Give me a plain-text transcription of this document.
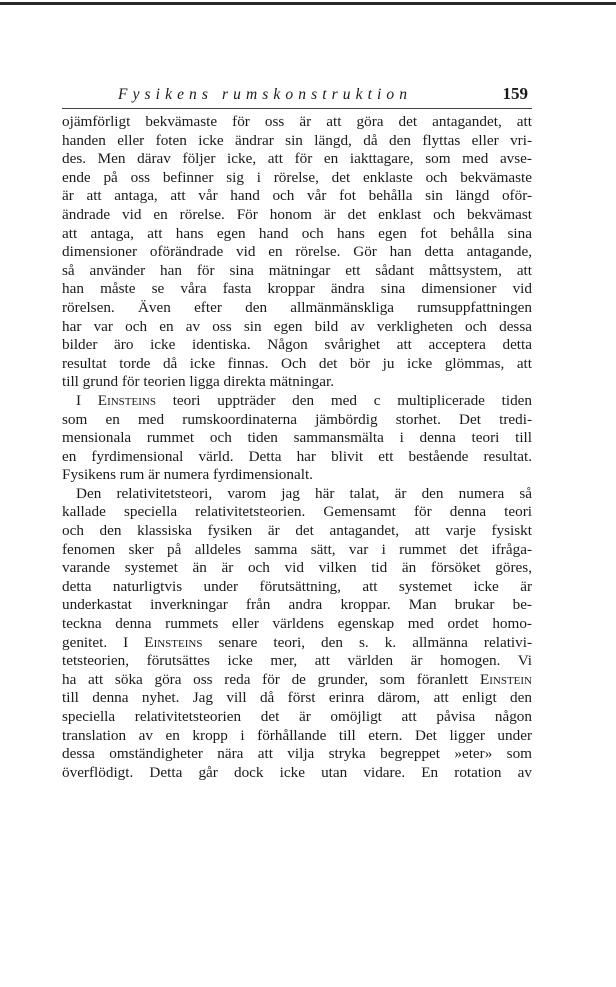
Fysikens rumskonstruktion	159
ojämförligt bekvämaste för oss är att göra det antagandet, att
handen eller foten icke ändrar sin längd, då den flyttas eller vri-
des. Men därav följer icke, att för en iakttagare, som med avse-
ende på oss befinner sig i rörelse, det enklaste och bekvämaste
är att antaga, att vår hand och vår fot behålla sin längd oför-
ändrade vid en rörelse. För honom är det enklast och bekvämast
att antaga, att hans egen hand och hans egen fot behålla sina
dimensioner oförändrade vid en rörelse. Gör han detta antagande,
så använder han för sina mätningar ett sådant måttsystem, att
han måste se våra fasta kroppar ändra sina dimensioner vid
rörelsen. Även efter den allmänmänskliga rumsuppfattningen
har var och en av oss sin egen bild av verkligheten och dessa
bilder äro icke identiska. Någon svårighet att acceptera detta
resultat torde då icke finnas. Och det bör ju icke glömmas, att
till grund för teorien ligga direkta mätningar.
I Einsteins teori uppträder den med c multiplicerade tiden
som en med rumskoordinaterna jämbördig storhet. Det tredi-
mensionala rummet och tiden sammansmälta i denna teori till
en fyrdimensional värld. Detta har blivit ett bestående resultat.
Fysikens rum är numera fyrdimensionalt.
Den relativitetsteori, varom jag här talat, är den numera så
kallade speciella relativitetsteorien. Gemensamt för denna teori
och den klassiska fysiken är det antagandet, att varje fysiskt
fenomen sker på alldeles samma sätt, var i rummet det ifråga-
varande systemet än är och vid vilken tid än försöket göres,
detta naturligtvis under förutsättning, att systemet icke är
underkastat inverkningar från andra kroppar. Man brukar be-
teckna denna rummets eller världens egenskap med ordet homo-
genitet. I Einsteins senare teori, den s. k. allmänna relativi-
tetsteorien, förutsättes icke mer, att världen är homogen. Vi
ha att söka göra oss reda för de grunder, som föranlett Einstein
till denna nyhet. Jag vill då först erinra därom, att enligt den
speciella relativitetsteorien det är omöjligt att påvisa någon
translation av en kropp i förhållande till etern. Det ligger under
dessa omständigheter nära att vilja stryka begreppet »eter» som
överflödigt. Detta går dock icke utan vidare. En rotation av
